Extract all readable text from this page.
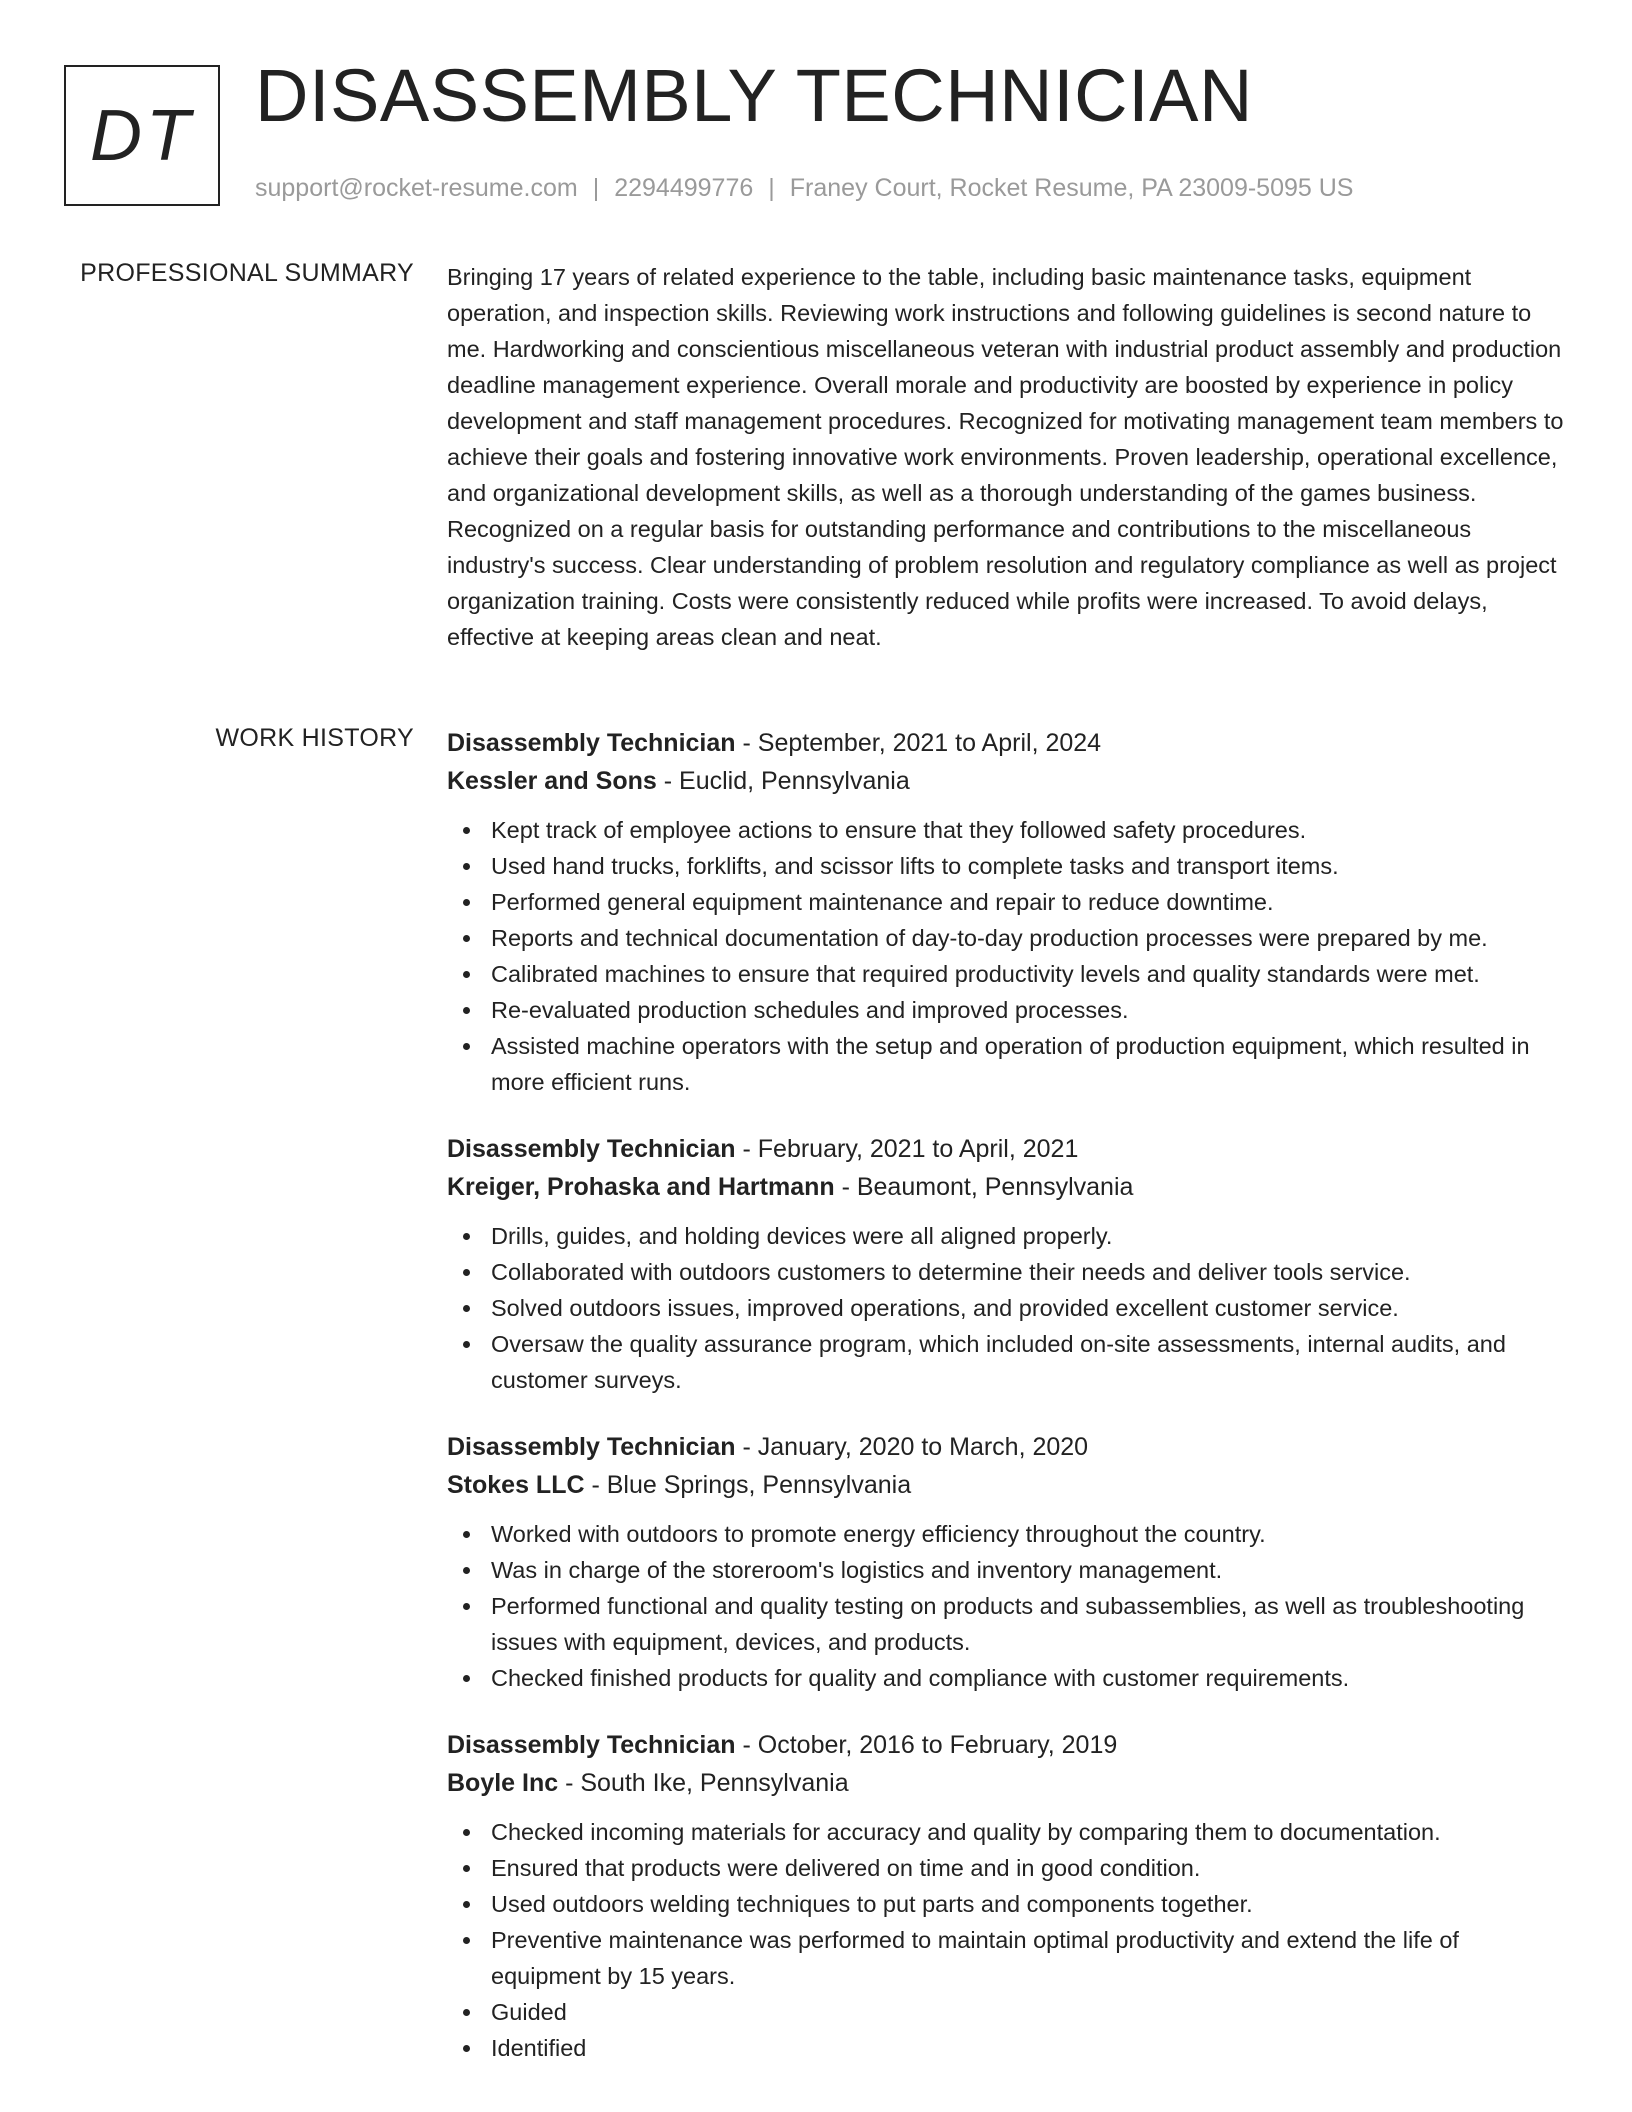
DT DISASSEMBLY TECHNICIAN
support@rocket-resume.com | 2294499776 | Franey Court, Rocket Resume, PA 23009-5095 US
PROFESSIONAL SUMMARY Bringing 17 years of related experience to the table, including basic maintenance tasks, equipment operation, and inspection skills. Reviewing work instructions and following guidelines is second nature to me. Hardworking and conscientious miscellaneous veteran with industrial product assembly and production deadline management experience. Overall morale and productivity are boosted by experience in policy development and staff management procedures. Recognized for motivating management team members to achieve their goals and fostering innovative work environments. Proven leadership, operational excellence, and organizational development skills, as well as a thorough understanding of the games business. Recognized on a regular basis for outstanding performance and contributions to the miscellaneous industry's success. Clear understanding of problem resolution and regulatory compliance as well as project organization training. Costs were consistently reduced while profits were increased. To avoid delays, effective at keeping areas clean and neat.

WORK HISTORY Disassembly Technician - September, 2021 to April, 2024
Kessler and Sons - Euclid, Pennsylvania
Kept track of employee actions to ensure that they followed safety procedures.
Used hand trucks, forklifts, and scissor lifts to complete tasks and transport items.
Performed general equipment maintenance and repair to reduce downtime.
Reports and technical documentation of day-to-day production processes were prepared by me.
Calibrated machines to ensure that required productivity levels and quality standards were met.
Re-evaluated production schedules and improved processes.
Assisted machine operators with the setup and operation of production equipment, which resulted in more efficient runs.
Disassembly Technician - February, 2021 to April, 2021
Kreiger, Prohaska and Hartmann - Beaumont, Pennsylvania
Drills, guides, and holding devices were all aligned properly.
Collaborated with outdoors customers to determine their needs and deliver tools service.
Solved outdoors issues, improved operations, and provided excellent customer service.
Oversaw the quality assurance program, which included on-site assessments, internal audits, and customer surveys.
Disassembly Technician - January, 2020 to March, 2020
Stokes LLC - Blue Springs, Pennsylvania
Worked with outdoors to promote energy efficiency throughout the country.
Was in charge of the storeroom's logistics and inventory management.
Performed functional and quality testing on products and subassemblies, as well as troubleshooting issues with equipment, devices, and products.
Checked finished products for quality and compliance with customer requirements.
Disassembly Technician - October, 2016 to February, 2019
Boyle Inc - South Ike, Pennsylvania
Checked incoming materials for accuracy and quality by comparing them to documentation.
Ensured that products were delivered on time and in good condition.
Used outdoors welding techniques to put parts and components together.
Preventive maintenance was performed to maintain optimal productivity and extend the life of equipment by 15 years.
Guided
Identified
